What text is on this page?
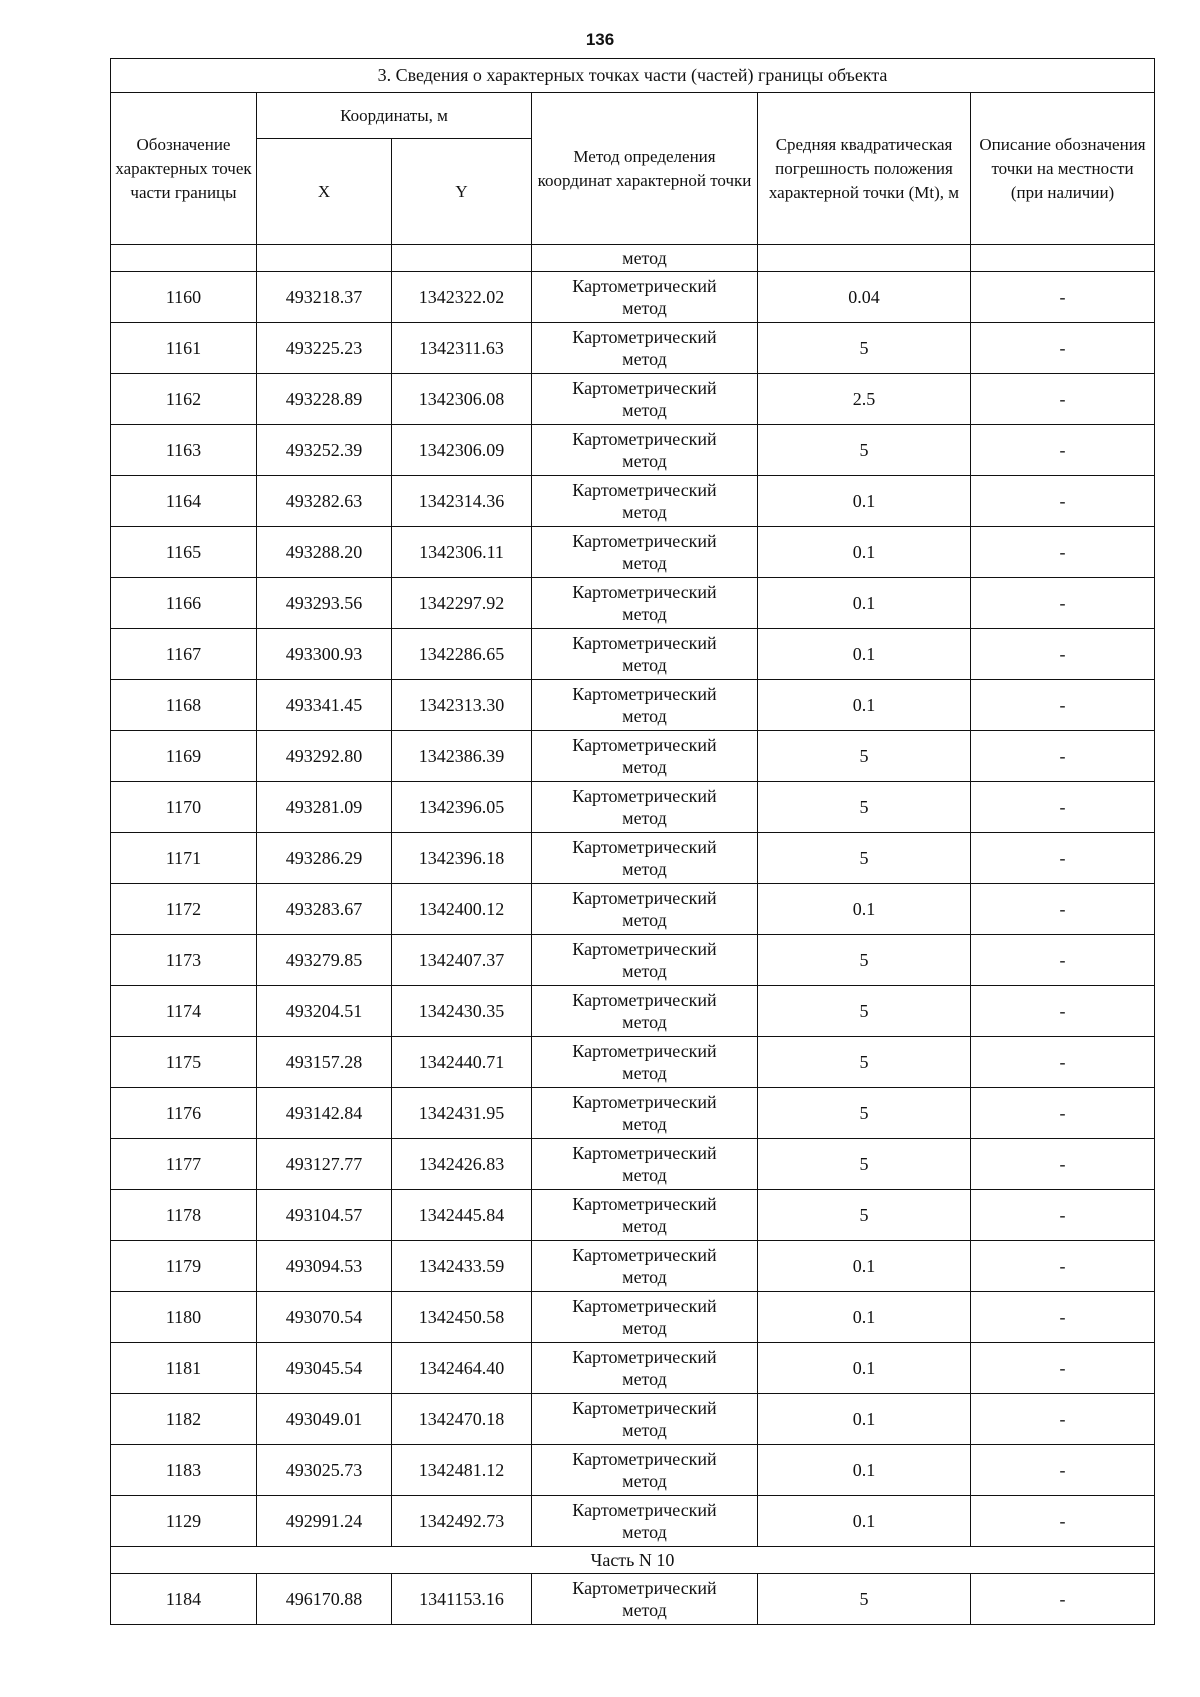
136
3. Сведения о характерных точках части (частей) границы объекта					
Обозначение характерных точек части границы	Координаты, м		Метод определения координат характерной точки	Средняя квадратическая погрешность положения характерной точки (Mt), м	Описание обозначения точки на местности (при наличии)
	X	Y			
			метод		
1160	493218.37	1342322.02	Картометрический
метод	0.04	-
1161	493225.23	1342311.63	Картометрический
метод	5	-
1162	493228.89	1342306.08	Картометрический
метод	2.5	-
1163	493252.39	1342306.09	Картометрический
метод	5	-
1164	493282.63	1342314.36	Картометрический
метод	0.1	-
1165	493288.20	1342306.11	Картометрический
метод	0.1	-
1166	493293.56	1342297.92	Картометрический
метод	0.1	-
1167	493300.93	1342286.65	Картометрический
метод	0.1	-
1168	493341.45	1342313.30	Картометрический
метод	0.1	-
1169	493292.80	1342386.39	Картометрический
метод	5	-
1170	493281.09	1342396.05	Картометрический
метод	5	-
1171	493286.29	1342396.18	Картометрический
метод	5	-
1172	493283.67	1342400.12	Картометрический
метод	0.1	-
1173	493279.85	1342407.37	Картометрический
метод	5	-
1174	493204.51	1342430.35	Картометрический
метод	5	-
1175	493157.28	1342440.71	Картометрический
метод	5	-
1176	493142.84	1342431.95	Картометрический
метод	5	-
1177	493127.77	1342426.83	Картометрический
метод	5	-
1178	493104.57	1342445.84	Картометрический
метод	5	-
1179	493094.53	1342433.59	Картометрический
метод	0.1	-
1180	493070.54	1342450.58	Картометрический
метод	0.1	-
1181	493045.54	1342464.40	Картометрический
метод	0.1	-
1182	493049.01	1342470.18	Картометрический
метод	0.1	-
1183	493025.73	1342481.12	Картометрический
метод	0.1	-
1129	492991.24	1342492.73	Картометрический
метод	0.1	-
Часть N 10					
1184	496170.88	1341153.16	Картометрический
метод	5	-
